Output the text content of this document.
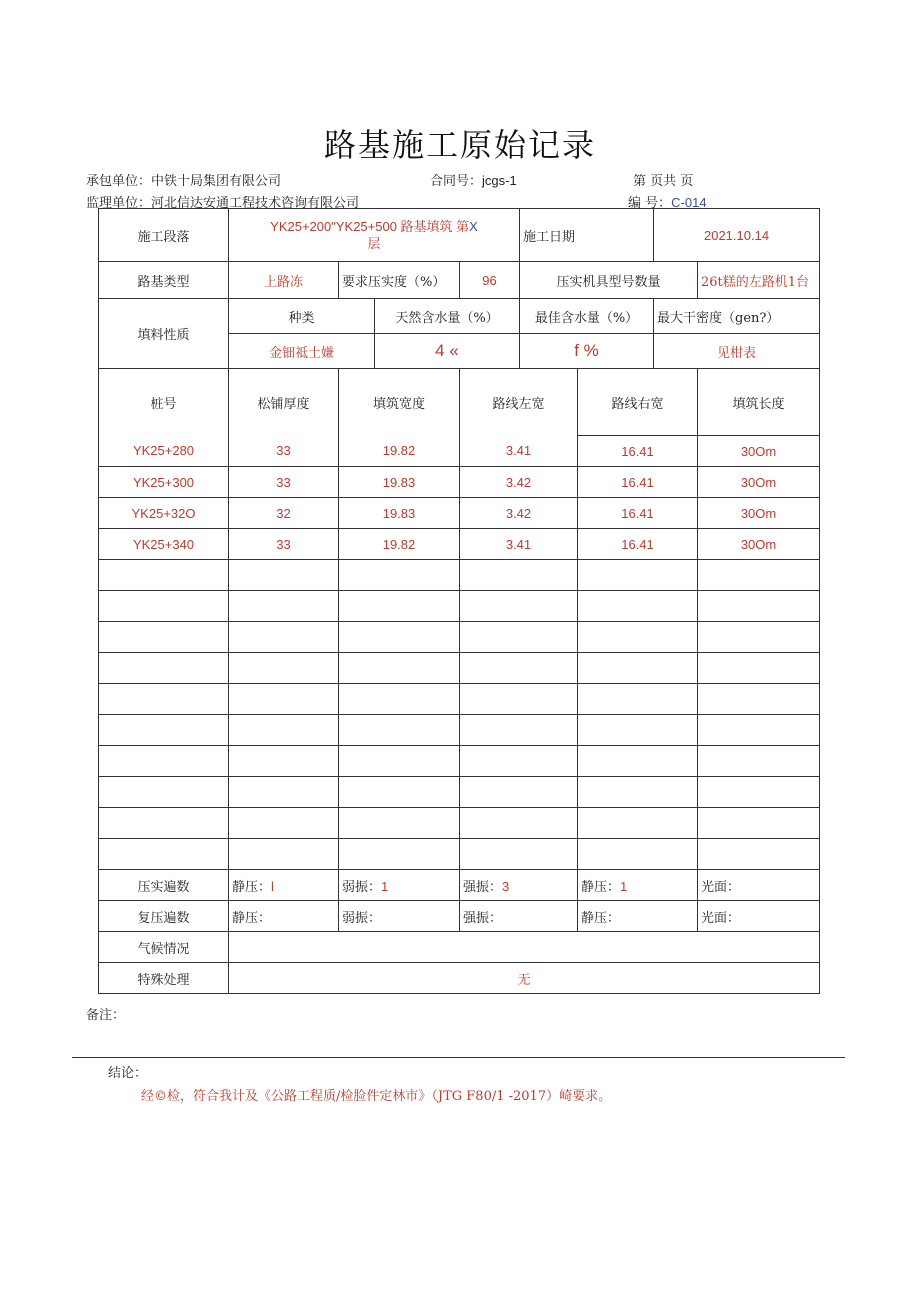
路基施工原始记录
承包单位：中铁十局集团有限公司	合同号：jcgs-1	第 页共 页
监理单位：河北信达安通工程技术咨询有限公司	编 号：C-014
施工段落	YK25+200"YK25+500 路基填筑 第X
层				施工日期		2021.10.14	
路基类型	上路冻	要求压实度（%）		96	压实机具型号数量			26t糕的左路机1台
填料性质	种类		天然含水量（%）		最佳含水量（%）		最大干密度（gen?）	
	金钿祗土嫌		4 «		f %		见柑表	
桩号	松铺厚度	填筑宽度		路线左宽		路线右宽		填筑长度
YK25+280	33	19.82		3.41		16.41		30Om
YK25+300	33	19.83		3.42		16.41		30Om
YK25+32O	32	19.83		3.42		16.41		30Om
YK25+340	33	19.82		3.41		16.41		30Om

压实遍数	静压：l	弱振：1		强振：3		静压：1		光面：
复压遍数	静压：	弱振：		强振：		静压：		光面：
气候情况								
特殊处理	无							
备注：
结论：
经©检，符合我计及《公路工程质/检脸件定林市》（JTG F80/1 -2017）崎要求。
